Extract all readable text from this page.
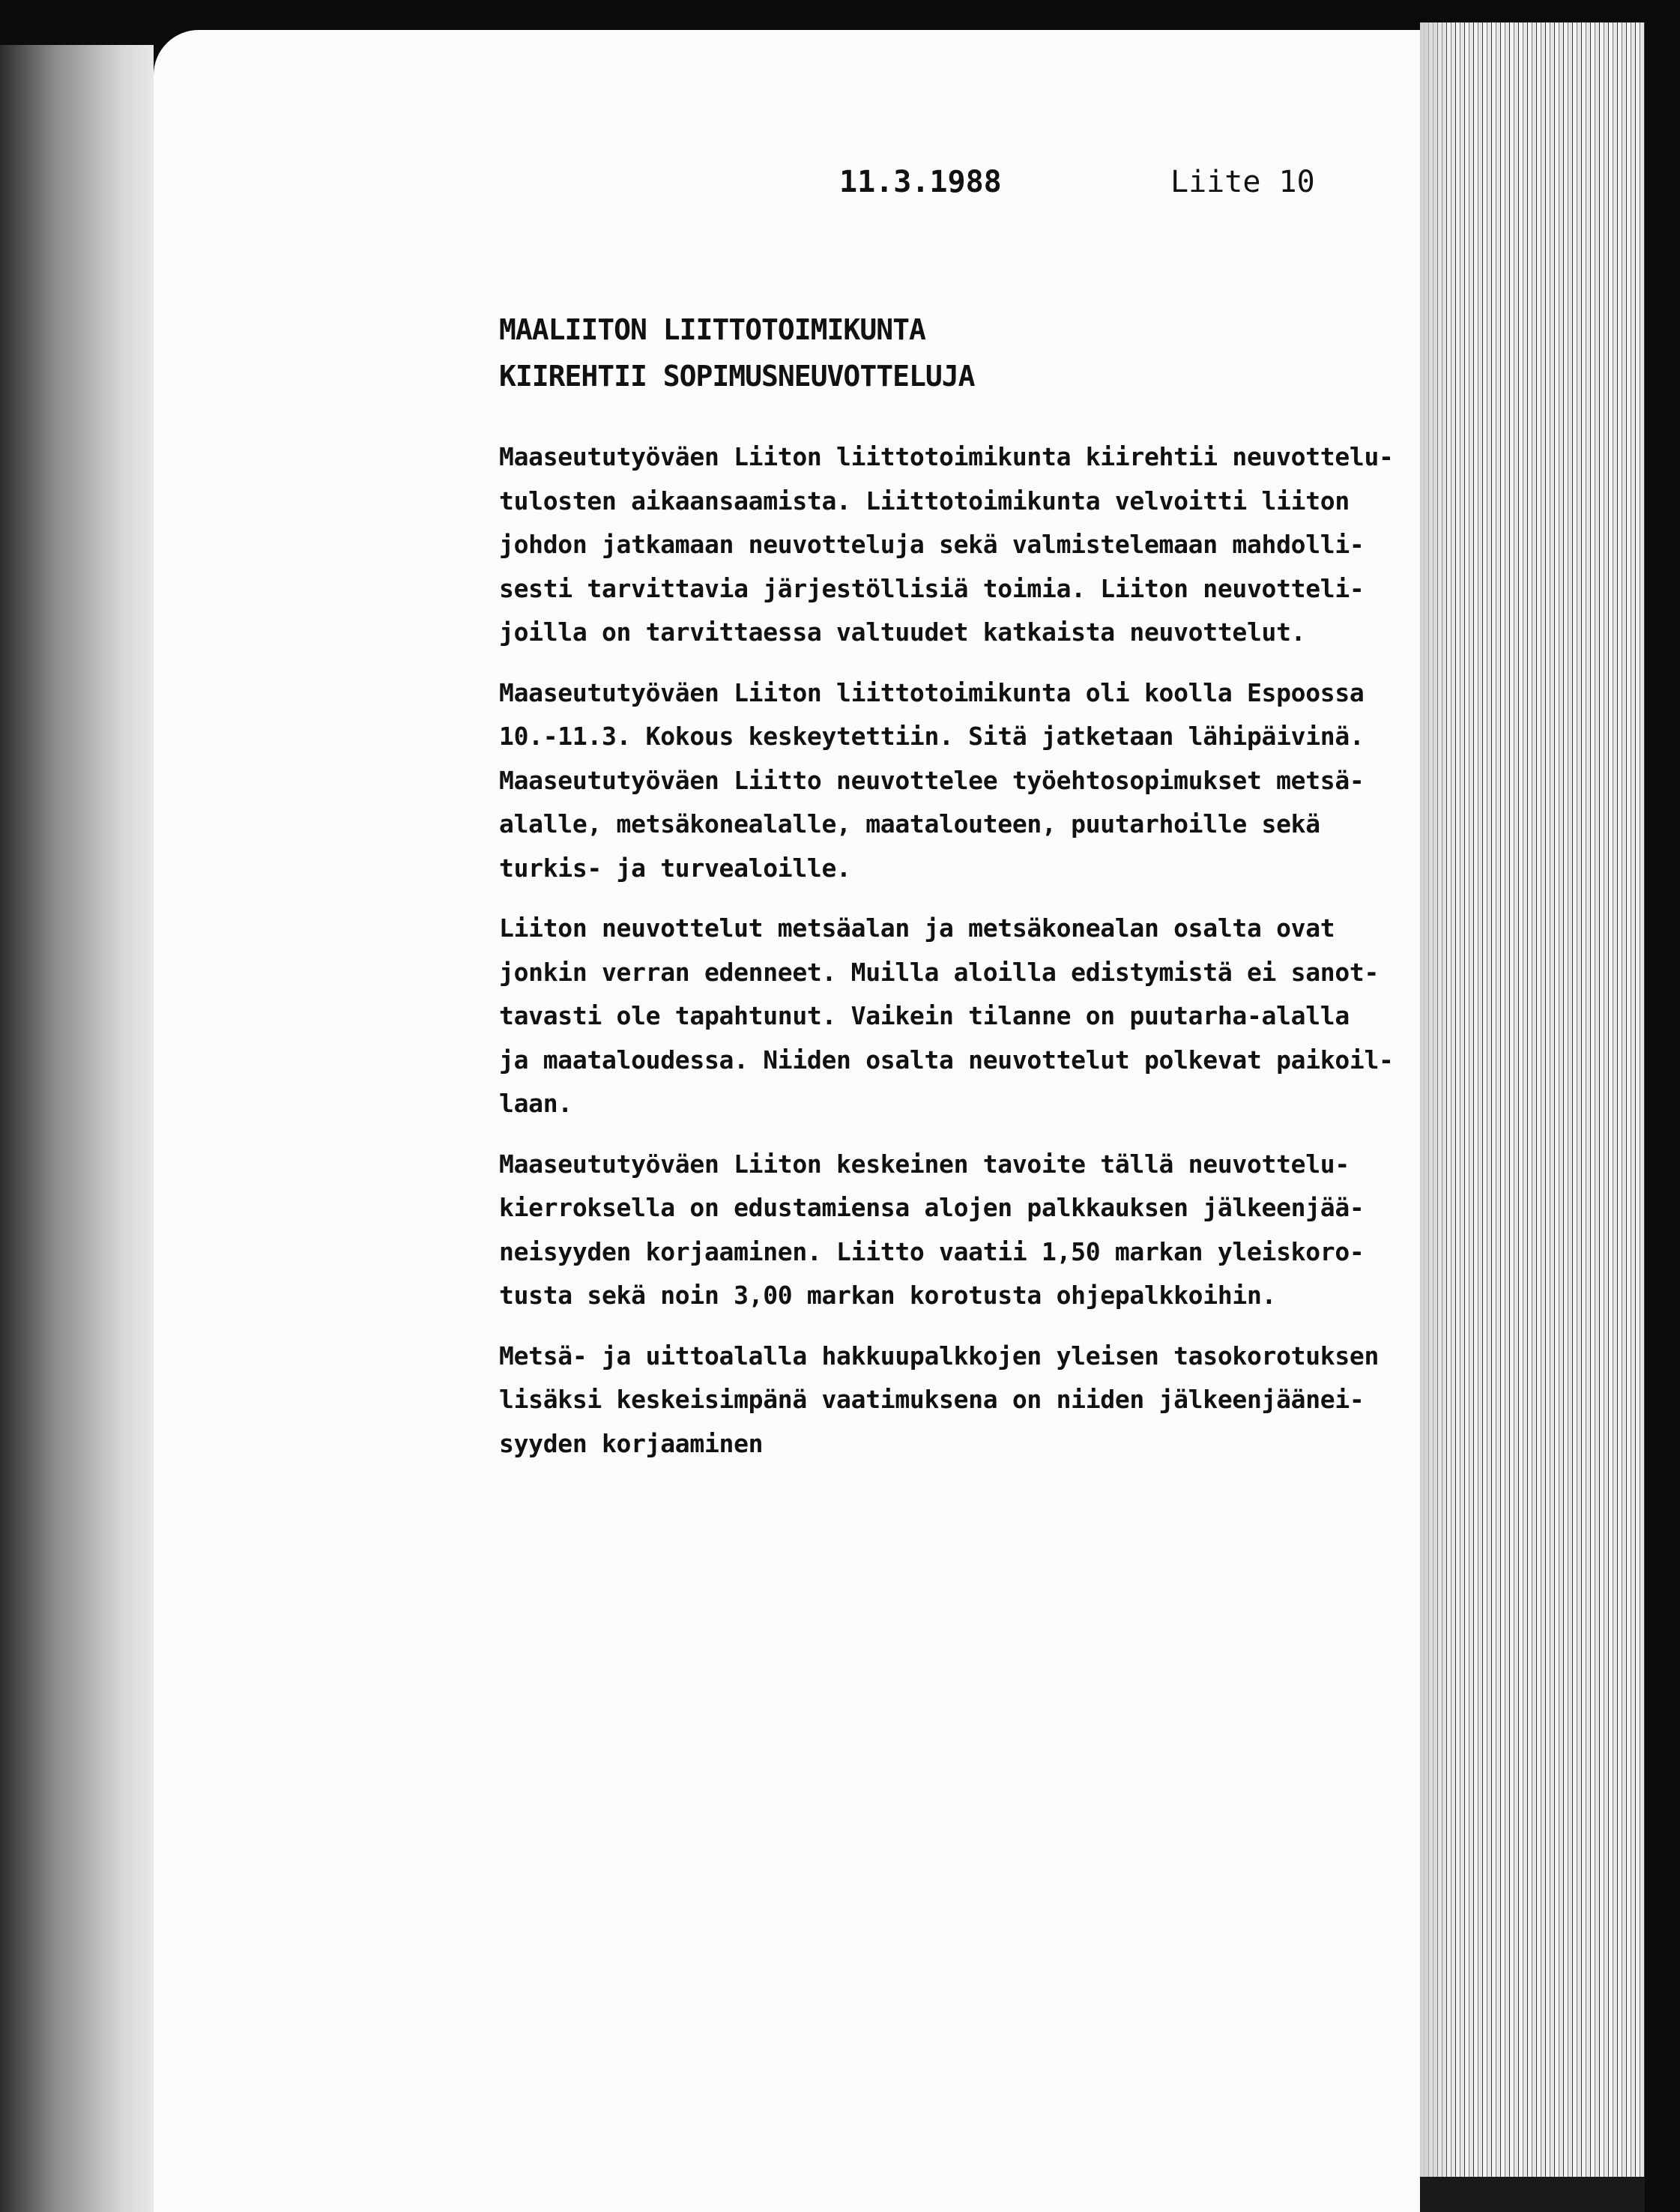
11.3.1988	Liite 10
MAALIITON LIITTOTOIMIKUNTA
KIIREHTII SOPIMUSNEUVOTTELUJA
Maaseututyöväen Liiton liittotoimikunta kiirehtii neuvottelu-
tulosten aikaansaamista. Liittotoimikunta velvoitti liiton
johdon jatkamaan neuvotteluja sekä valmistelemaan mahdolli-
sesti tarvittavia järjestöllisiä toimia. Liiton neuvotteli-
joilla on tarvittaessa valtuudet katkaista neuvottelut.
Maaseututyöväen Liiton liittotoimikunta oli koolla Espoossa
10.-11.3. Kokous keskeytettiin. Sitä jatketaan lähipäivinä.
Maaseututyöväen Liitto neuvottelee työehtosopimukset metsä-
alalle, metsäkonealalle, maatalouteen, puutarhoille sekä
turkis- ja turvealoille.
Liiton neuvottelut metsäalan ja metsäkonealan osalta ovat
jonkin verran edenneet. Muilla aloilla edistymistä ei sanot-
tavasti ole tapahtunut. Vaikein tilanne on puutarha-alalla
ja maataloudessa. Niiden osalta neuvottelut polkevat paikoil-
laan.
Maaseututyöväen Liiton keskeinen tavoite tällä neuvottelu-
kierroksella on edustamiensa alojen palkkauksen jälkeenjää-
neisyyden korjaaminen. Liitto vaatii 1,50 markan yleiskoro-
tusta sekä noin 3,00 markan korotusta ohjepalkkoihin.
Metsä- ja uittoalalla hakkuupalkkojen yleisen tasokorotuksen
lisäksi keskeisimpänä vaatimuksena on niiden jälkeenjäänei-
syyden korjaaminen
